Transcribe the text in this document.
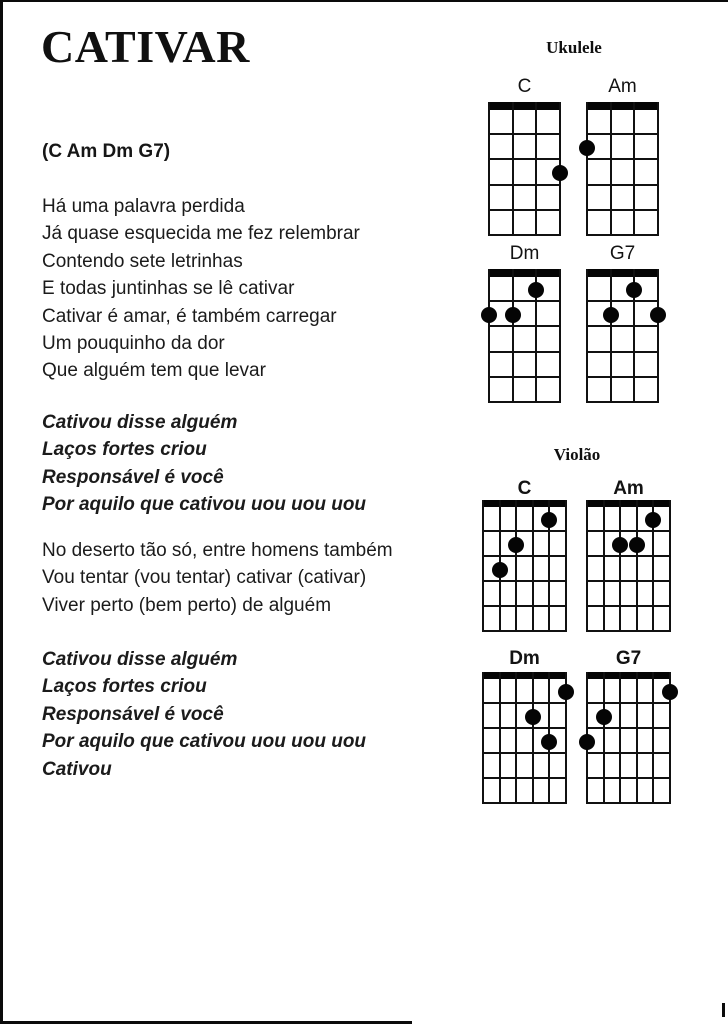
CATIVAR
(C Am Dm G7)
Há uma palavra perdida
Já quase esquecida me fez relembrar
Contendo sete letrinhas
E todas juntinhas se lê cativar
Cativar é amar, é também carregar
Um pouquinho da dor
Que alguém tem que levar
Cativou disse alguém
Laços fortes criou
Responsável é você
Por aquilo que cativou uou uou uou
No deserto tão só, entre homens também
Vou tentar (vou tentar) cativar (cativar)
Viver perto (bem perto) de alguém
Cativou disse alguém
Laços fortes criou
Responsável é você
Por aquilo que cativou uou uou uou
Cativou
Ukulele
Violão
C	Am
Dm	G7
C	Am
Dm	G7
